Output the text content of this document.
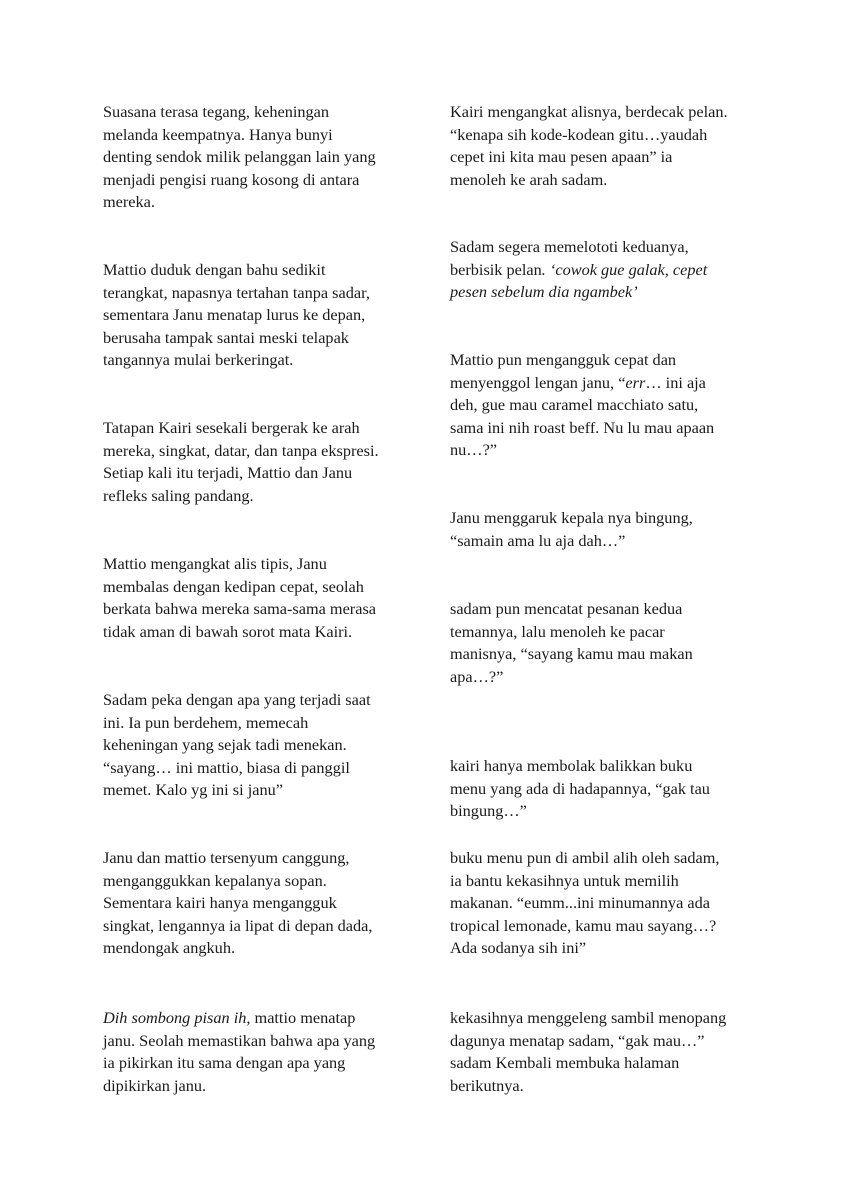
Suasana terasa tegang, keheningan
melanda keempatnya. Hanya bunyi
denting sendok milik pelanggan lain yang
menjadi pengisi ruang kosong di antara
mereka.

Mattio duduk dengan bahu sedikit
terangkat, napasnya tertahan tanpa sadar,
sementara Janu menatap lurus ke depan,
berusaha tampak santai meski telapak
tangannya mulai berkeringat.

Tatapan Kairi sesekali bergerak ke arah
mereka, singkat, datar, dan tanpa ekspresi.
Setiap kali itu terjadi, Mattio dan Janu
refleks saling pandang.

Mattio mengangkat alis tipis, Janu
membalas dengan kedipan cepat, seolah
berkata bahwa mereka sama-sama merasa
tidak aman di bawah sorot mata Kairi.

Sadam peka dengan apa yang terjadi saat
ini. Ia pun berdehem, memecah
keheningan yang sejak tadi menekan.
“sayang… ini mattio, biasa di panggil
memet. Kalo yg ini si janu”

Janu dan mattio tersenyum canggung,
menganggukkan kepalanya sopan.
Sementara kairi hanya mengangguk
singkat, lengannya ia lipat di depan dada,
mendongak angkuh.

Dih sombong pisan ih, mattio menatap
janu. Seolah memastikan bahwa apa yang
ia pikirkan itu sama dengan apa yang
dipikirkan janu.

Kairi mengangkat alisnya, berdecak pelan.
“kenapa sih kode-kodean gitu…yaudah
cepet ini kita mau pesen apaan” ia
menoleh ke arah sadam.

Sadam segera memelototi keduanya,
berbisik pelan. ‘cowok gue galak, cepet
pesen sebelum dia ngambek’

Mattio pun mengangguk cepat dan
menyenggol lengan janu, “err… ini aja
deh, gue mau caramel macchiato satu,
sama ini nih roast beff. Nu lu mau apaan
nu…?”

Janu menggaruk kepala nya bingung,
“samain ama lu aja dah…”

sadam pun mencatat pesanan kedua
temannya, lalu menoleh ke pacar
manisnya, “sayang kamu mau makan
apa…?”

kairi hanya membolak balikkan buku
menu yang ada di hadapannya, “gak tau
bingung…”

buku menu pun di ambil alih oleh sadam,
ia bantu kekasihnya untuk memilih
makanan. “eumm...ini minumannya ada
tropical lemonade, kamu mau sayang…?
Ada sodanya sih ini”

kekasihnya menggeleng sambil menopang
dagunya menatap sadam, “gak mau…”
sadam Kembali membuka halaman
berikutnya.
